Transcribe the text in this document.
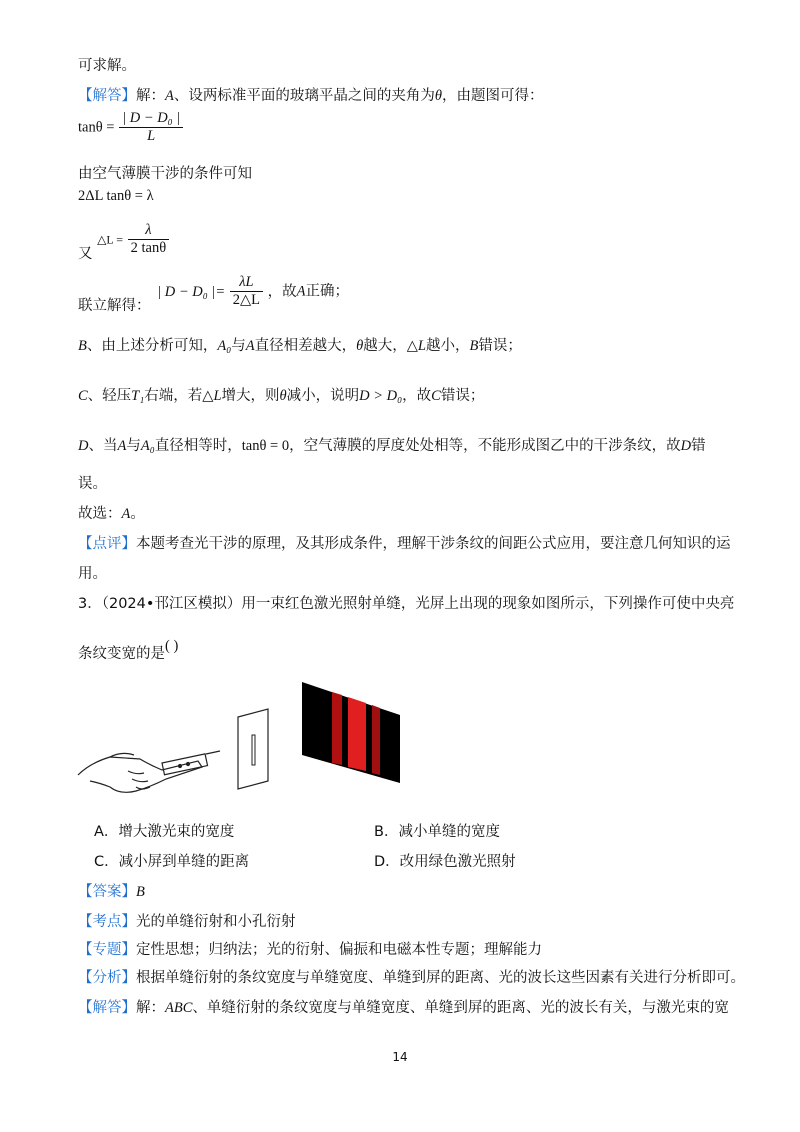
可求解。
【解答】解：A、设两标准平面的玻璃平晶之间的夹角为θ，由题图可得：
$\tan\theta = \frac{\text{| D − D₀ |}}{L}$
由空气薄膜干涉的条件可知
2ΔL tanθ = λ
又 △L = $\frac{\lambda}{2 \tan\theta}$
联立解得： | D − D₀ |= $\frac{\lambda L}{2\triangle L}$ ，故A正确；
B、由上述分析可知，A₀与A直径相差越大，θ越大，△L越小，B错误；
C、轻压T₁右端，若△L增大，则θ减小，说明D > D₀，故C错误；
D、当A与A₀直径相等时，tanθ = 0，空气薄膜的厚度处处相等，不能形成图乙中的干涉条纹，故D错
误。
故选：A。
【点评】本题考查光干涉的原理，及其形成条件，理解干涉条纹的间距公式应用，要注意几何知识的运
用。
3．（2024•邗江区模拟）用一束红色激光照射单缝，光屏上出现的现象如图所示，下列操作可使中央亮
条纹变宽的是( )
A．增大激光束的宽度	B．减小单缝的宽度
C．减小屏到单缝的距离	D．改用绿色激光照射
【答案】B
【考点】光的单缝衍射和小孔衍射
【专题】定性思想；归纳法；光的衍射、偏振和电磁本性专题；理解能力
【分析】根据单缝衍射的条纹宽度与单缝宽度、单缝到屏的距离、光的波长这些因素有关进行分析即可。
【解答】解：ABC、单缝衍射的条纹宽度与单缝宽度、单缝到屏的距离、光的波长有关，与激光束的宽
14
